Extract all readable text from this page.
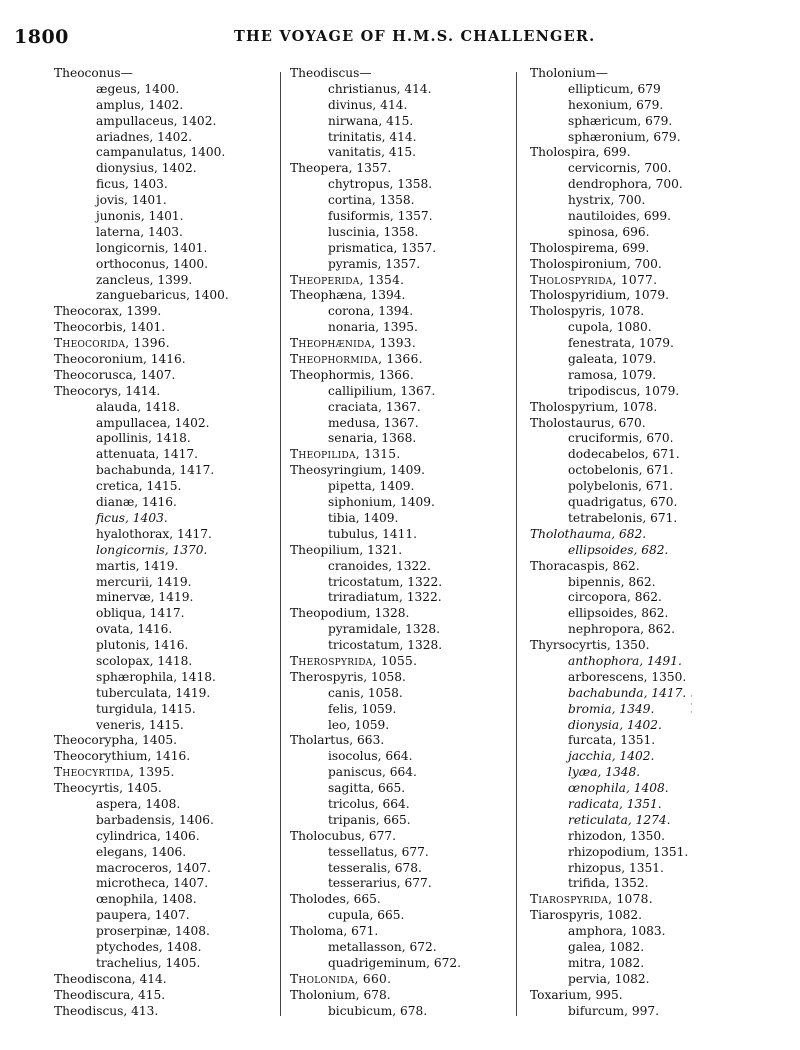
1800	THE VOYAGE OF H.M.S. CHALLENGER.
Theoconus—
ægeus, 1400.
amplus, 1402.
ampullaceus, 1402.
ariadnes, 1402.
campanulatus, 1400.
dionysius, 1402.
ficus, 1403.
jovis, 1401.
junonis, 1401.
laterna, 1403.
longicornis, 1401.
orthoconus, 1400.
zancleus, 1399.
zanguebaricus, 1400.
Theocorax, 1399.
Theocorbis, 1401.
Theocorida, 1396.
Theocoronium, 1416.
Theocorusca, 1407.
Theocorys, 1414.
alauda, 1418.
ampullacea, 1402.
apollinis, 1418.
attenuata, 1417.
bachabunda, 1417.
cretica, 1415.
dianæ, 1416.
ficus, 1403.
hyalothorax, 1417.
longicornis, 1370.
martis, 1419.
mercurii, 1419.
minervæ, 1419.
obliqua, 1417.
ovata, 1416.
plutonis, 1416.
scolopax, 1418.
sphærophila, 1418.
tuberculata, 1419.
turgidula, 1415.
veneris, 1415.
Theocorypha, 1405.
Theocorythium, 1416.
Theocyrtida, 1395.
Theocyrtis, 1405.
aspera, 1408.
barbadensis, 1406.
cylindrica, 1406.
elegans, 1406.
macroceros, 1407.
microtheca, 1407.
œnophila, 1408.
paupera, 1407.
proserpinæ, 1408.
ptychodes, 1408.
trachelius, 1405.
Theodiscona, 414.
Theodiscura, 415.
Theodiscus, 413.
Theodiscus—
christianus, 414.
divinus, 414.
nirwana, 415.
trinitatis, 414.
vanitatis, 415.
Theopera, 1357.
chytropus, 1358.
cortina, 1358.
fusiformis, 1357.
luscinia, 1358.
prismatica, 1357.
pyramis, 1357.
Theoperida, 1354.
Theophæna, 1394.
corona, 1394.
nonaria, 1395.
Theophænida, 1393.
Theophormida, 1366.
Theophormis, 1366.
callipilium, 1367.
craciata, 1367.
medusa, 1367.
senaria, 1368.
Theopilida, 1315.
Theosyringium, 1409.
pipetta, 1409.
siphonium, 1409.
tibia, 1409.
tubulus, 1411.
Theopilium, 1321.
cranoides, 1322.
tricostatum, 1322.
triradiatum, 1322.
Theopodium, 1328.
pyramidale, 1328.
tricostatum, 1328.
Therospyrida, 1055.
Therospyris, 1058.
canis, 1058.
felis, 1059.
leo, 1059.
Tholartus, 663.
isocolus, 664.
paniscus, 664.
sagitta, 665.
tricolus, 664.
tripanis, 665.
Tholocubus, 677.
tessellatus, 677.
tesseralis, 678.
tesserarius, 677.
Tholodes, 665.
cupula, 665.
Tholoma, 671.
metallasson, 672.
quadrigeminum, 672.
Tholonida, 660.
Tholonium, 678.
bicubicum, 678.
Tholonium—
ellipticum, 679
hexonium, 679.
sphæricum, 679.
sphæronium, 679.
Tholospira, 699.
cervicornis, 700.
dendrophora, 700.
hystrix, 700.
nautiloides, 699.
spinosa, 696.
Tholospirema, 699.
Tholospironium, 700.
Tholospyrida, 1077.
Tholospyridium, 1079.
Tholospyris, 1078.
cupola, 1080.
fenestrata, 1079.
galeata, 1079.
ramosa, 1079.
tripodiscus, 1079.
Tholospyrium, 1078.
Tholostaurus, 670.
cruciformis, 670.
dodecabelos, 671.
octobelonis, 671.
polybelonis, 671.
quadrigatus, 670.
tetrabelonis, 671.
Tholothauma, 682.
ellipsoides, 682.
Thoracaspis, 862.
bipennis, 862.
circopora, 862.
ellipsoides, 862.
nephropora, 862.
Thyrsocyrtis, 1350.
anthophora, 1491.
arborescens, 1350.
bachabunda, 1417.
bromia, 1349.
dionysia, 1402.
furcata, 1351.
jacchia, 1402.
lyæa, 1348.
œnophila, 1408.
radicata, 1351.
reticulata, 1274.
rhizodon, 1350.
rhizopodium, 1351.
rhizopus, 1351.
trifida, 1352.
Tiarospyrida, 1078.
Tiarospyris, 1082.
amphora, 1083.
galea, 1082.
mitra, 1082.
pervia, 1082.
Toxarium, 995.
bifurcum, 997.
·
·
·
